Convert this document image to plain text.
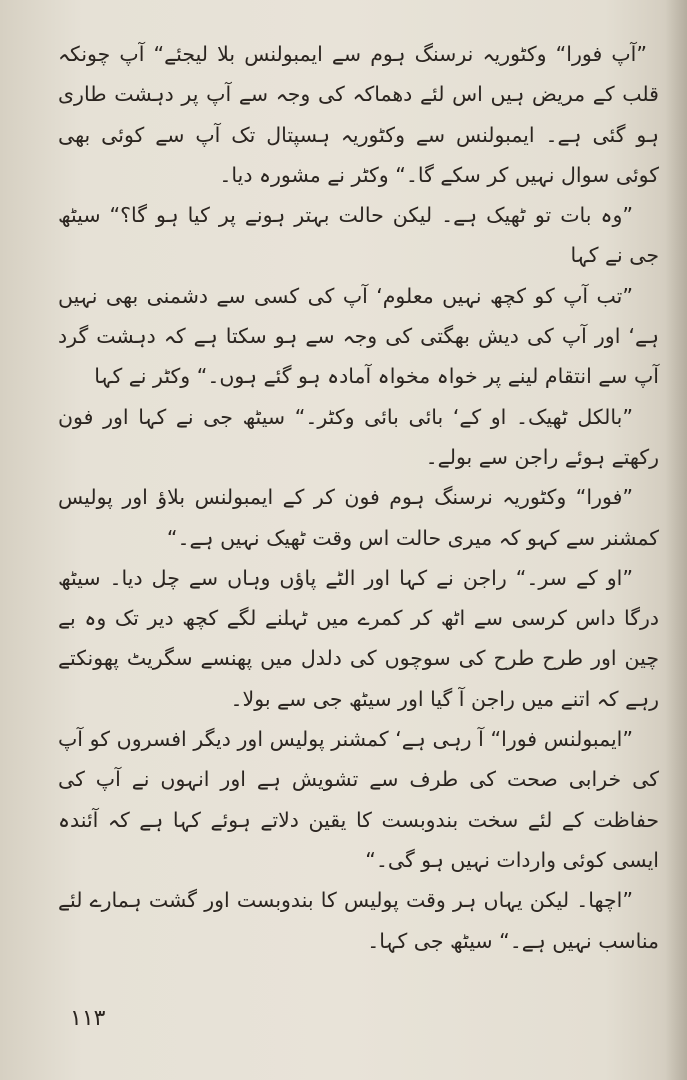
”آپ فورا“ وکٹوریہ نرسنگ ہوم سے ایمبولنس بلا لیجئے“ آپ چونکہ قلب کے مریض ہیں اس لئے دھماکہ کی وجہ سے آپ پر دہشت طاری ہو گئی ہے۔ ایمبولنس سے وکٹوریہ ہسپتال تک آپ سے کوئی بھی کوئی سوال نہیں کر سکے گا۔“ وکٹر نے مشورہ دیا۔

”وہ بات تو ٹھیک ہے۔ لیکن حالت بہتر ہونے پر کیا ہو گا؟“ سیٹھ جی نے کہا

”تب آپ کو کچھ نہیں معلوم‘ آپ کی کسی سے دشمنی بھی نہیں ہے‘ اور آپ کی دیش بھگتی کی وجہ سے ہو سکتا ہے کہ دہشت گرد آپ سے انتقام لینے پر خواہ مخواہ آمادہ ہو گئے ہوں۔“ وکٹر نے کہا

”بالکل ٹھیک۔ او کے‘ بائی بائی وکٹر۔“ سیٹھ جی نے کہا اور فون رکھتے ہوئے راجن سے بولے۔

”فورا“ وکٹوریہ نرسنگ ہوم فون کر کے ایمبولنس بلاؤ اور پولیس کمشنر سے کہو کہ میری حالت اس وقت ٹھیک نہیں ہے۔“

”او کے سر۔“ راجن نے کہا اور الٹے پاؤں وہاں سے چل دیا۔ سیٹھ درگا داس کرسی سے اٹھ کر کمرے میں ٹہلنے لگے کچھ دیر تک وہ بے چین اور طرح طرح کی سوچوں کی دلدل میں پھنسے سگریٹ پھونکتے رہے کہ اتنے میں راجن آ گیا اور سیٹھ جی سے بولا۔

”ایمبولنس فورا“ آ رہی ہے‘ کمشنر پولیس اور دیگر افسروں کو آپ کی خرابی صحت کی طرف سے تشویش ہے اور انہوں نے آپ کی حفاظت کے لئے سخت بندوبست کا یقین دلاتے ہوئے کہا ہے کہ آئندہ ایسی کوئی واردات نہیں ہو گی۔“

”اچھا۔ لیکن یہاں ہر وقت پولیس کا بندوبست اور گشت ہمارے لئے مناسب نہیں ہے۔“ سیٹھ جی کہا۔

۱۱۳
